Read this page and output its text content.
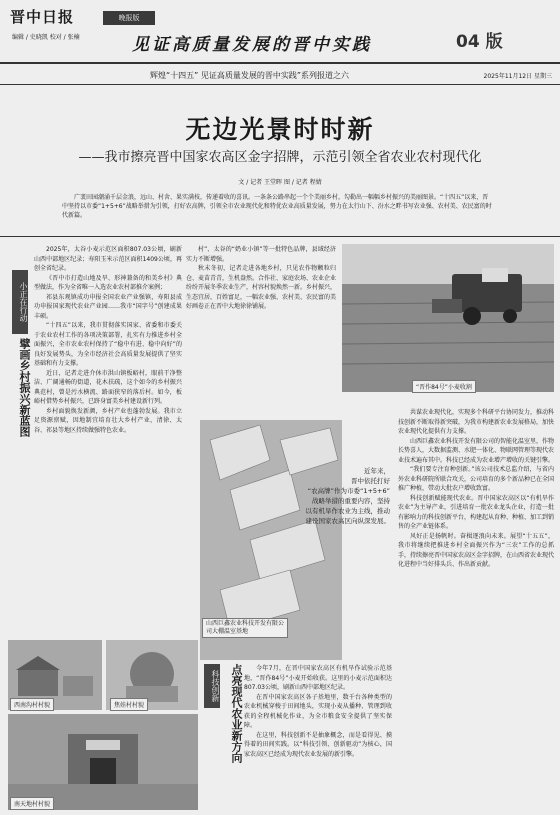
晋中日报	晚报版
编辑 / 史晓凯 校对 / 张楠	见证高质量发展的晋中实践	04 版
辉煌“十四五” 见证高质量发展的晋中实践”系列报道之六	2025年11月12日 星期三
无边光景时时新
——我市擦亮晋中国家农高区金字招牌，示范引领全省农业农村现代化
文 / 记者 王堂晖 图 / 记者 程婧
广袤田园潮涌千层金浪，远山、村舍、果实满枝，传递着收的喜讯。一条条公路串起一个个美丽乡村，勾勒出一幅幅乡村振兴的美丽图景。“十四五”以来，晋中坚持以市委“1+5+6”战略举措为引领，打好农高牌，引领全市农业现代化和特优农业高质量发展，努力在太行山下、汾水之畔书写农业强、农村美、农民富的时代新篇。
小正在行动
擘画乡村振兴新蓝图

2025年，太谷小麦示范区面积807.03公顷，刷新山西中部地区纪录；寿阳玉米示范区面积1409公顷，再创全省纪录。

《晋中市打造山地及旱、形神兼备的和美乡村》典型做法，作为全省唯一入选农业农村部推介案例；

祁县东观镇成功申报全国农业产业强镇，寿阳县成功申报国家现代农业产业园……我市“国字号”创建成果丰硕。

“十四五”以来，我市贯彻落实国家、省委和市委关于农业农村工作的各项决策部署，扎实有力推进乡村全面振兴，全市农业农村保持了“稳中有进、稳中向好”的良好发展势头，为全市经济社会高质量发展提供了坚实基础和有力支撑。

近日，记者走进介休市洪山镇板峪村，眼前干净整洁、广阔通畅的街道，花木扶疏，这个如今的乡村振兴典范村，曾是污水横流、路面狭窄的落后村。如今，板峪村借势乡村振兴，已跻身富美乡村建设新行列。

乡村面貌焕发新颜，乡村产业也蓬勃发展。我市立足资源禀赋，因地制宜培育壮大乡村产业，清徐、太谷、祁县等地区持续做强特色农业。

村”、太谷的“奶业小镇”等一批特色品牌，县域经济实力不断增强。

秋末冬初，记者走进各地乡村，只见农作物颗粒归仓、麦苗青青，生机盎然。合作社、家庭农场、农业企业纷纷开展冬季农业生产，村容村貌焕然一新。乡村振兴，生态宜居，百姓富足，一幅农业强、农村美、农民富的美好画卷正在晋中大地徐徐铺展。

“晋作84号”小麦收割

共谋农业现代化，实现多个科研平台协同发力，推动科技创新不断取得新突破，为我市构建新农业发展格局，加快农业现代化提供有力支撑。

山西巨鑫农业科技开发有限公司的智能化温室里，作物长势喜人，大数据监测、水肥一体化、物联网管理等现代农业技术遍布其中。科技已经成为农业增产增收的关键引擎。

“我们要专注育种创新。”该公司技术总监介绍，与省内外农业科研院所联合攻关，公司培育的多个新品种已在全国推广种植，带动大批农户增收致富。

科技创新赋能现代农业。晋中国家农高区以“有机旱作农业”为主导产业，引进培育一批农业龙头企业，打造一批有影响力的科技创新平台，构建起从育种、种植、加工到销售的全产业链体系。

风好正是扬帆时。奋楫逐浪向未来。展望“十五五”，我市将继续把推进乡村全面振兴作为“三农”工作的总抓手，持续擦亮晋中国家农高区金字招牌，在山西省农业现代化进程中当好排头兵、作出新贡献。

近年来，
晋中依托打好
“农高牌”作为市委“1+5+6”
战略举措的重要内容，坚持
以有机旱作农业为主线，推动
建设国家农高区向纵深发展。
山西巨鑫农业科技开发有限公司大棚温室基地
科技创新 点亮现代农业新方向	今年7月，在晋中国家农高区有机旱作试验示范基地，“晋作84号”小麦开始收获。这里的小麦示范面积达807.03公顷，刷新山西中部地区纪录。

在晋中国家农高区各子基地里，数千台各种类型的农业机械穿梭于田间地头，实现小麦从播种、管理到收获的全程机械化作业，为全市粮食安全提供了坚实保障。

在这里，科技创新不是抽象概念，而是看得见、摸得着的田间实践。以“科技引领、创新驱动”为核心，国家农高区已经成为现代农业发展的新引擎。

西南沟村村貌	焦娃村村貌
南天地村村貌
